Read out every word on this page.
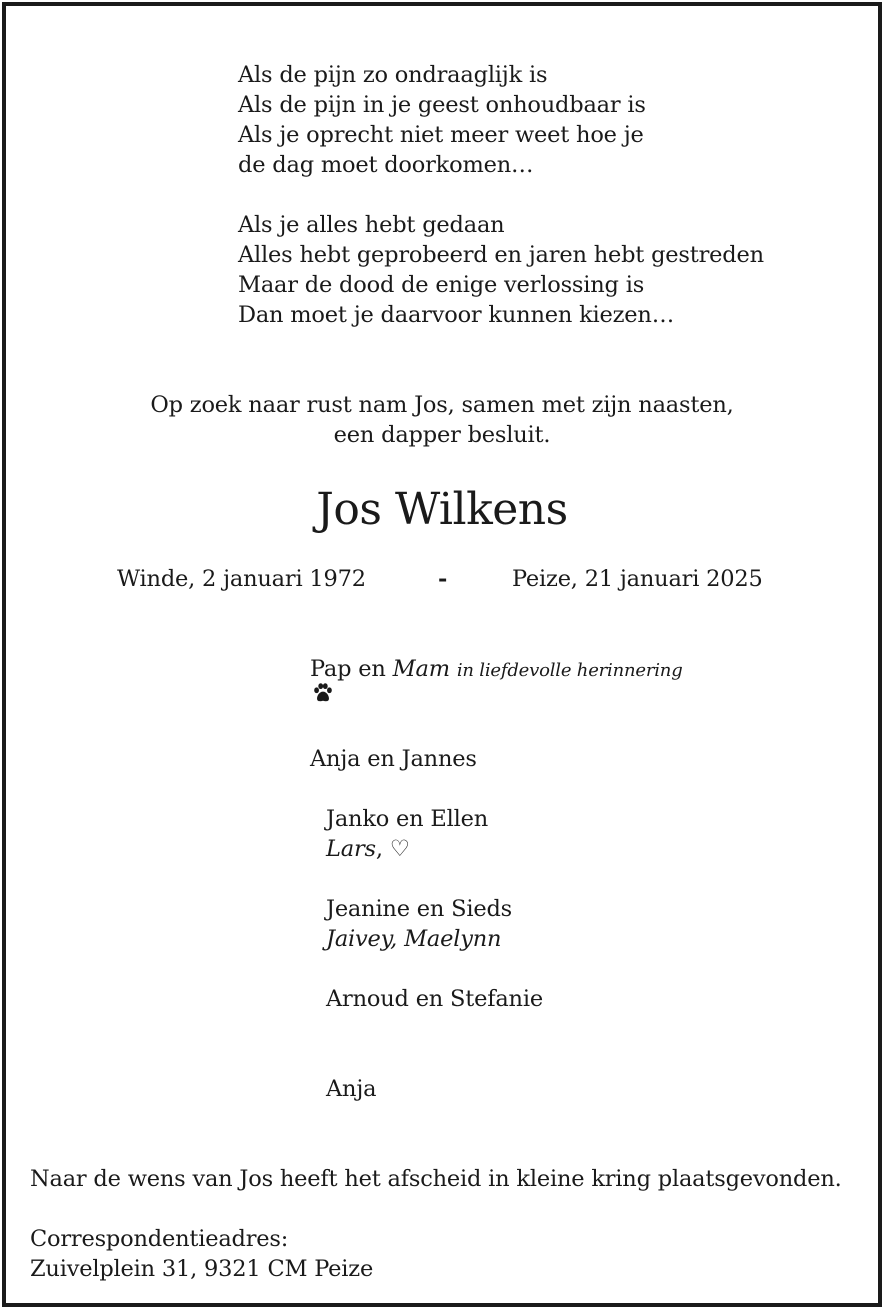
Als de pijn zo ondraaglijk is
Als de pijn in je geest onhoudbaar is
Als je oprecht niet meer weet hoe je
de dag moet doorkomen…
Als je alles hebt gedaan
Alles hebt geprobeerd en jaren hebt gestreden
Maar de dood de enige verlossing is
Dan moet je daarvoor kunnen kiezen…
Op zoek naar rust nam Jos, samen met zijn naasten,
een dapper besluit.
Jos Wilkens
Winde, 2 januari 1972	-	Peize, 21 januari 2025
Pap en Mam in liefdevolle herinnering
Anja en Jannes
Janko en Ellen
Lars, ♡
Jeanine en Sieds
Jaivey, Maelynn
Arnoud en Stefanie
Anja
Naar de wens van Jos heeft het afscheid in kleine kring plaatsgevonden.
Correspondentieadres:
Zuivelplein 31, 9321 CM Peize
